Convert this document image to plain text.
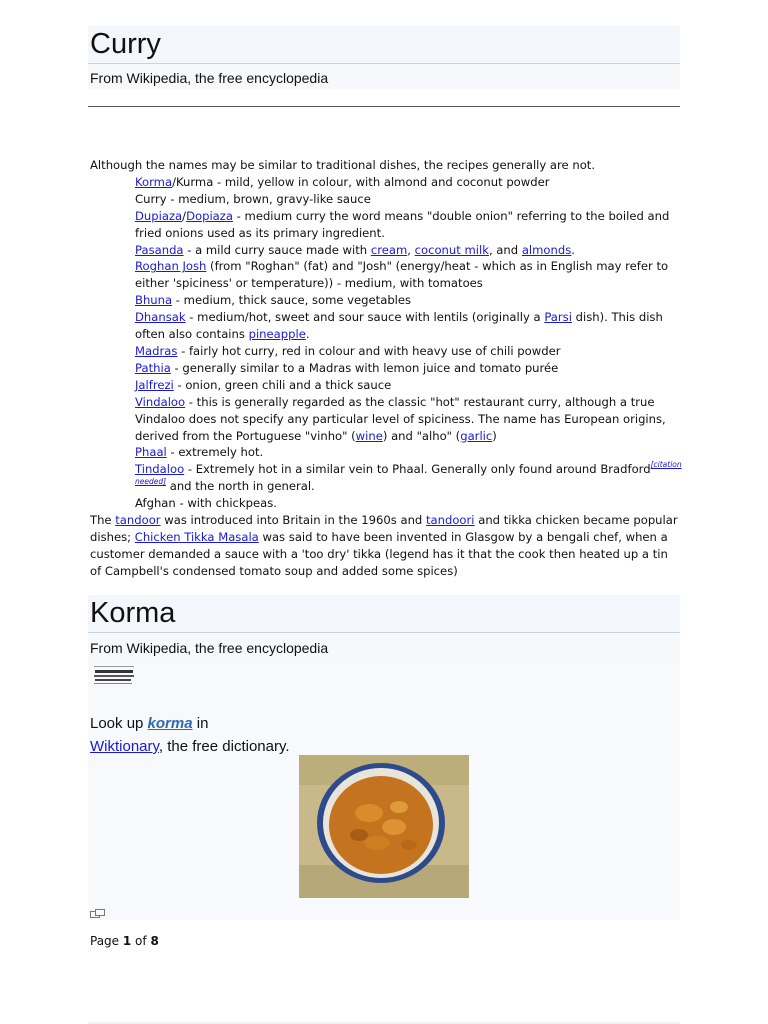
Curry
From Wikipedia, the free encyclopedia

Although the names may be similar to traditional dishes, the recipes generally are not.

Korma/Kurma - mild, yellow in colour, with almond and coconut powder

Curry - medium, brown, gravy-like sauce

Dupiaza/Dopiaza - medium curry the word means "double onion" referring to the boiled and fried onions used as its primary ingredient.

Pasanda - a mild curry sauce made with cream, coconut milk, and almonds.

Roghan Josh (from "Roghan" (fat) and "Josh" (energy/heat - which as in English may refer to either 'spiciness' or temperature)) - medium, with tomatoes

Bhuna - medium, thick sauce, some vegetables

Dhansak - medium/hot, sweet and sour sauce with lentils (originally a Parsi dish). This dish often also contains pineapple.

Madras - fairly hot curry, red in colour and with heavy use of chili powder

Pathia - generally similar to a Madras with lemon juice and tomato purée

Jalfrezi - onion, green chili and a thick sauce

Vindaloo - this is generally regarded as the classic "hot" restaurant curry, although a true Vindaloo does not specify any particular level of spiciness. The name has European origins, derived from the Portuguese "vinho" (wine) and "alho" (garlic)

Phaal - extremely hot.

Tindaloo - Extremely hot in a similar vein to Phaal. Generally only found around Bradford[citation needed] and the north in general.

Afghan - with chickpeas.

The tandoor was introduced into Britain in the 1960s and tandoori and tikka chicken became popular dishes; Chicken Tikka Masala was said to have been invented in Glasgow by a bengali chef, when a customer demanded a sauce with a 'too dry' tikka (legend has it that the cook then heated up a tin of Campbell's condensed tomato soup and added some spices)

Korma
From Wikipedia, the free encyclopedia
Look up korma in
Wiktionary, the free dictionary.
Page 1 of 8
